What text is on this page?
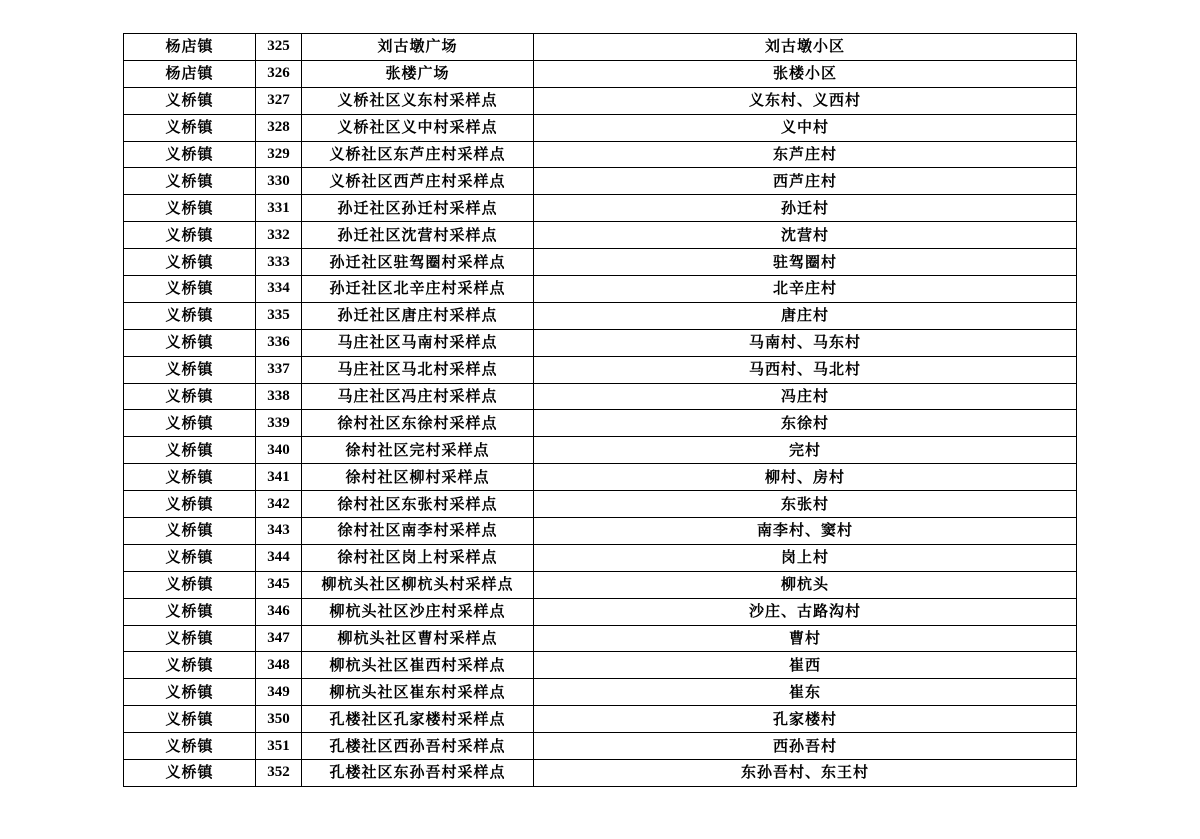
杨店镇	325	刘古墩广场	刘古墩小区
杨店镇	326	张楼广场	张楼小区
义桥镇	327	义桥社区义东村采样点	义东村、义西村
义桥镇	328	义桥社区义中村采样点	义中村
义桥镇	329	义桥社区东芦庄村采样点	东芦庄村
义桥镇	330	义桥社区西芦庄村采样点	西芦庄村
义桥镇	331	孙迁社区孙迁村采样点	孙迁村
义桥镇	332	孙迁社区沈营村采样点	沈营村
义桥镇	333	孙迁社区驻驾圈村采样点	驻驾圈村
义桥镇	334	孙迁社区北辛庄村采样点	北辛庄村
义桥镇	335	孙迁社区唐庄村采样点	唐庄村
义桥镇	336	马庄社区马南村采样点	马南村、马东村
义桥镇	337	马庄社区马北村采样点	马西村、马北村
义桥镇	338	马庄社区冯庄村采样点	冯庄村
义桥镇	339	徐村社区东徐村采样点	东徐村
义桥镇	340	徐村社区完村采样点	完村
义桥镇	341	徐村社区柳村采样点	柳村、房村
义桥镇	342	徐村社区东张村采样点	东张村
义桥镇	343	徐村社区南李村采样点	南李村、窦村
义桥镇	344	徐村社区岗上村采样点	岗上村
义桥镇	345	柳杭头社区柳杭头村采样点	柳杭头
义桥镇	346	柳杭头社区沙庄村采样点	沙庄、古路沟村
义桥镇	347	柳杭头社区曹村采样点	曹村
义桥镇	348	柳杭头社区崔西村采样点	崔西
义桥镇	349	柳杭头社区崔东村采样点	崔东
义桥镇	350	孔楼社区孔家楼村采样点	孔家楼村
义桥镇	351	孔楼社区西孙吾村采样点	西孙吾村
义桥镇	352	孔楼社区东孙吾村采样点	东孙吾村、东王村
